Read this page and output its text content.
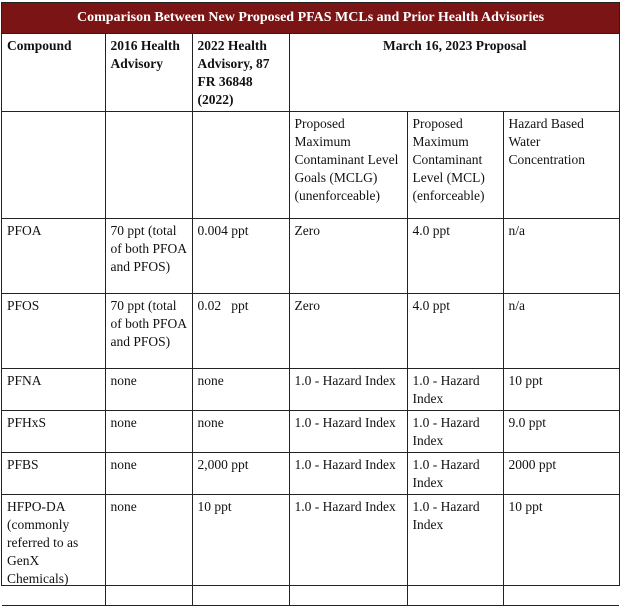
Comparison Between New Proposed PFAS MCLs and Prior Health Advisories
Compound	2016 Health Advisory	2022 Health Advisory, 87 FR 36848 (2022)	March 16, 2023 Proposal		
			Proposed Maximum Contaminant Level Goals (MCLG) (unenforceable)	Proposed Maximum Contaminant Level (MCL) (enforceable)	Hazard Based Water Concentration
PFOA	70 ppt (total of both PFOA and PFOS)	0.004 ppt	Zero	4.0 ppt	n/a
PFOS	70 ppt (total of both PFOA and PFOS)	0.02   ppt	Zero	4.0 ppt	n/a
PFNA	none	none	1.0 - Hazard Index	1.0 - Hazard Index	10 ppt
PFHxS	none	none	1.0 - Hazard Index	1.0 - Hazard Index	9.0 ppt
PFBS	none	2,000 ppt	1.0 - Hazard Index	1.0 - Hazard Index	2000 ppt
HFPO-DA (commonly referred to as GenX Chemicals)	none	10 ppt	1.0 - Hazard Index	1.0 - Hazard Index	10 ppt
